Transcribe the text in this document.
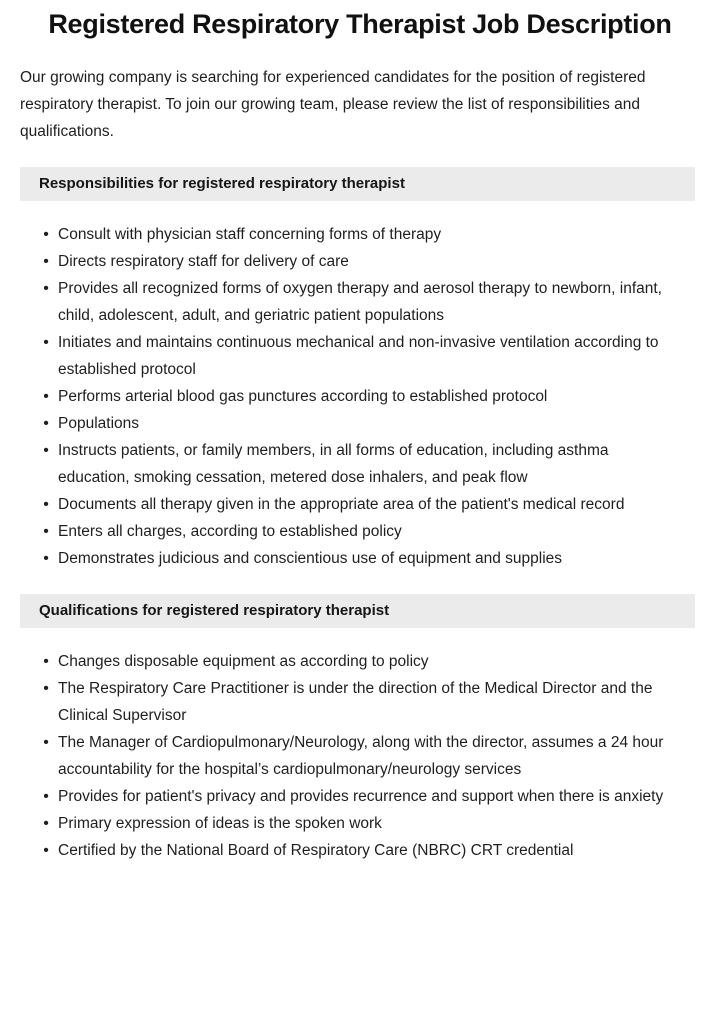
Registered Respiratory Therapist Job Description

Our growing company is searching for experienced candidates for the position of registered respiratory therapist. To join our growing team, please review the list of responsibilities and qualifications.

Responsibilities for registered respiratory therapist
• Consult with physician staff concerning forms of therapy
• Directs respiratory staff for delivery of care
• Provides all recognized forms of oxygen therapy and aerosol therapy to newborn, infant, child, adolescent, adult, and geriatric patient populations
• Initiates and maintains continuous mechanical and non-invasive ventilation according to established protocol
• Performs arterial blood gas punctures according to established protocol
• Populations
• Instructs patients, or family members, in all forms of education, including asthma education, smoking cessation, metered dose inhalers, and peak flow
• Documents all therapy given in the appropriate area of the patient's medical record
• Enters all charges, according to established policy
• Demonstrates judicious and conscientious use of equipment and supplies
Qualifications for registered respiratory therapist
• Changes disposable equipment as according to policy
• The Respiratory Care Practitioner is under the direction of the Medical Director and the Clinical Supervisor
• The Manager of Cardiopulmonary/Neurology, along with the director, assumes a 24 hour accountability for the hospital’s cardiopulmonary/neurology services
• Provides for patient's privacy and provides recurrence and support when there is anxiety
• Primary expression of ideas is the spoken work
• Certified by the National Board of Respiratory Care (NBRC) CRT credential
